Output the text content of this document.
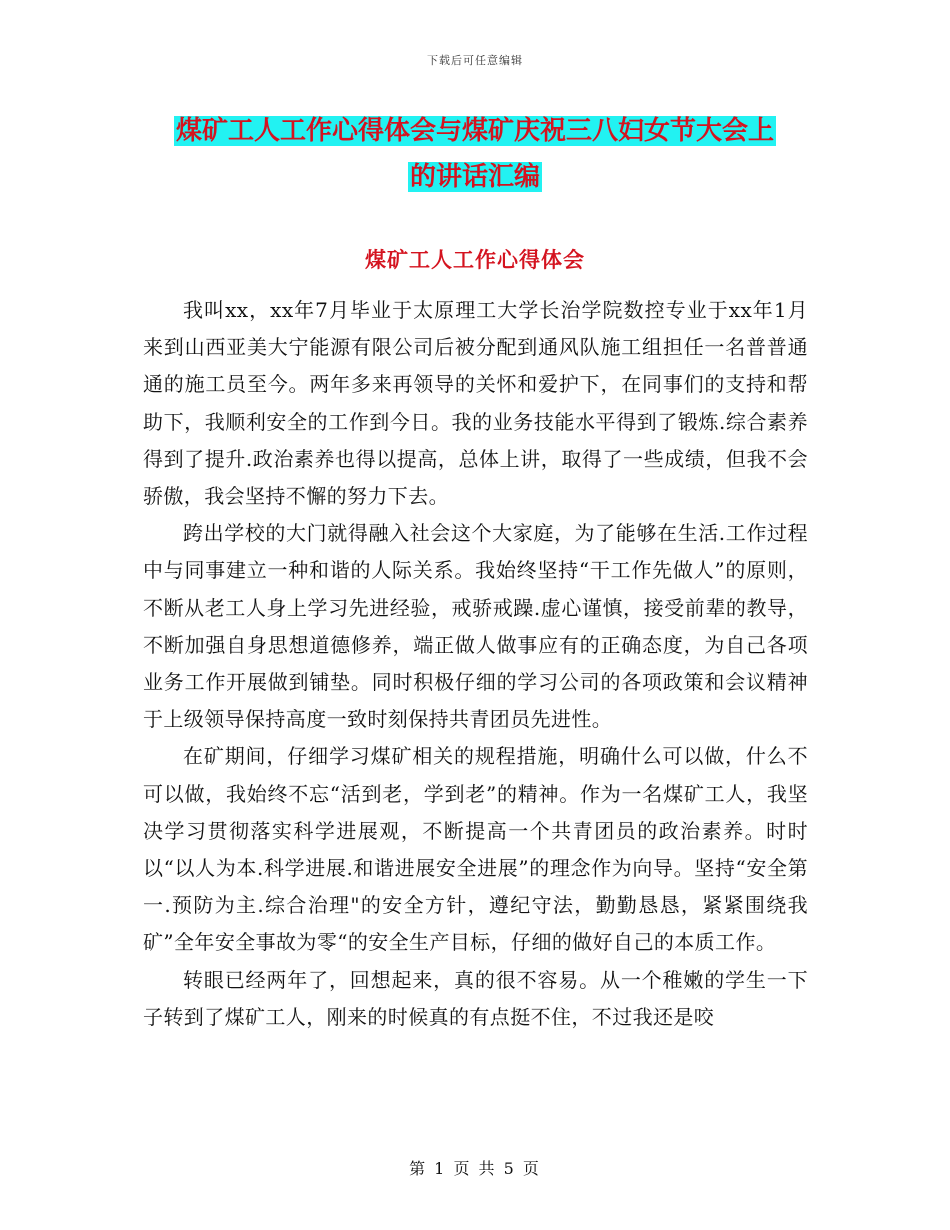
下载后可任意编辑
煤矿工人工作心得体会与煤矿庆祝三八妇女节大会上
的讲话汇编
煤矿工人工作心得体会

我叫xx，xx年7月毕业于太原理工大学长治学院数控专业于xx年1月来到山西亚美大宁能源有限公司后被分配到通风队施工组担任一名普普通通的施工员至今。两年多来再领导的关怀和爱护下，在同事们的支持和帮助下，我顺利安全的工作到今日。我的业务技能水平得到了锻炼.综合素养得到了提升.政治素养也得以提高，总体上讲，取得了一些成绩，但我不会骄傲，我会坚持不懈的努力下去。

跨出学校的大门就得融入社会这个大家庭，为了能够在生活.工作过程中与同事建立一种和谐的人际关系。我始终坚持“干工作先做人”的原则，不断从老工人身上学习先进经验，戒骄戒躁.虚心谨慎，接受前辈的教导，不断加强自身思想道德修养，端正做人做事应有的正确态度，为自己各项业务工作开展做到铺垫。同时积极仔细的学习公司的各项政策和会议精神于上级领导保持高度一致时刻保持共青团员先进性。

在矿期间，仔细学习煤矿相关的规程措施，明确什么可以做，什么不可以做，我始终不忘“活到老，学到老”的精神。作为一名煤矿工人，我坚决学习贯彻落实科学进展观，不断提高一个共青团员的政治素养。时时以“以人为本.科学进展.和谐进展安全进展”的理念作为向导。坚持“安全第一.预防为主.综合治理"的安全方针，遵纪守法，勤勤恳恳，紧紧围绕我矿”全年安全事故为零“的安全生产目标，仔细的做好自己的本质工作。

转眼已经两年了，回想起来，真的很不容易。从一个稚嫩的学生一下子转到了煤矿工人，刚来的时候真的有点挺不住，不过我还是咬

第 1 页 共 5 页
